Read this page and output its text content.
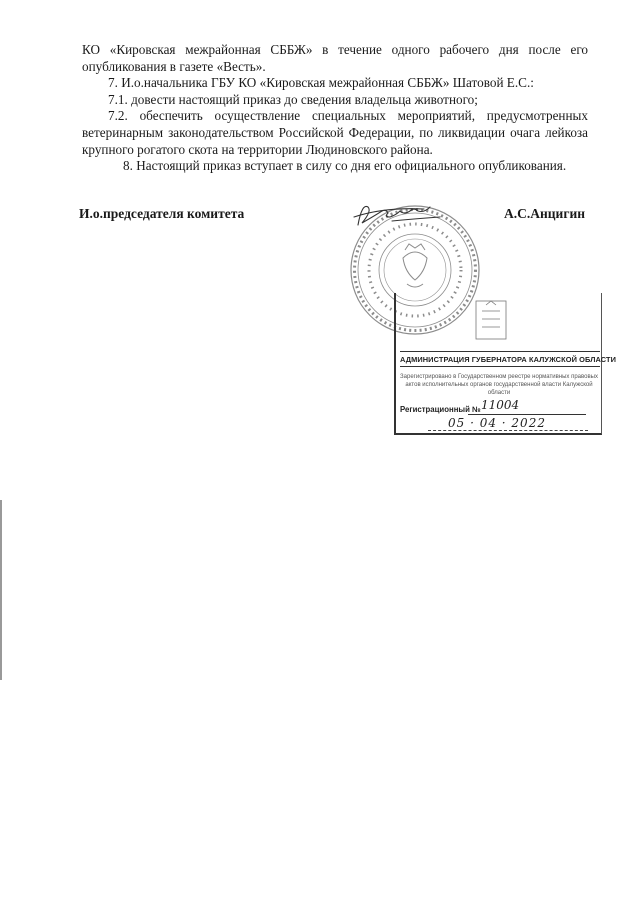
КО «Кировская межрайонная СББЖ» в течение одного рабочего дня после его опубликования в газете «Весть».

7. И.о.начальника ГБУ КО «Кировская межрайонная СББЖ» Шатовой Е.С.:

7.1. довести настоящий приказ до сведения владельца животного;

7.2. обеспечить осуществление специальных мероприятий, предусмотренных ветеринарным законодательством Российской Федерации, по ликвидации очага лейкоза крупного рогатого скота на территории Людиновского района.

8. Настоящий приказ вступает в силу со дня его официального опубликования.

И.о.председателя комитета	А.С.Анцигин
АДМИНИСТРАЦИЯ ГУБЕРНАТОРА КАЛУЖСКОЙ ОБЛАСТИ
Зарегистрировано в Государственном реестре нормативных правовых актов исполнительных органов государственной власти Калужской области
Регистрационный № 11004
05 · 04 · 2022
